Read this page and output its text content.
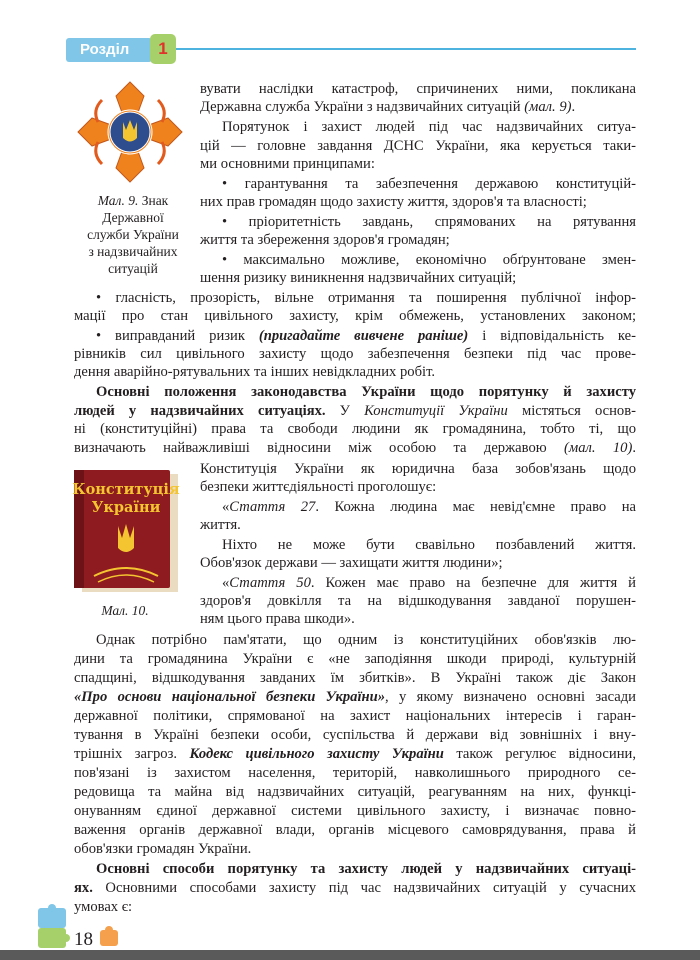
Розділ	1
Мал. 9. Знак
Державної
служби України
з надзвичайних
ситуацій
Конституція
України
Мал. 10.
вувати наслідки катастроф, спричинених ними, покликана
Державна служба України з надзвичайних ситуацій (мал. 9).
Порятунок і захист людей під час надзвичайних ситуа-
цій — головне завдання ДСНС України, яка керується таки-
ми основними принципами:
• гарантування та забезпечення державою конституцій-
них прав громадян щодо захисту життя, здоров'я та власності;
• пріоритетність завдань, спрямованих на рятування
життя та збереження здоров'я громадян;
• максимально можливе, економічно обґрунтоване змен-
шення ризику виникнення надзвичайних ситуацій;
• гласність, прозорість, вільне отримання та поширення публічної інфор-
мації про стан цивільного захисту, крім обмежень, установлених законом;
• виправданий ризик (пригадайте вивчене раніше) і відповідальність ке-
рівників сил цивільного захисту щодо забезпечення безпеки під час прове-
дення аварійно-рятувальних та інших невідкладних робіт.
Основні положення законодавства України щодо порятунку й захисту
людей у надзвичайних ситуаціях. У Конституції України містяться основ-
ні (конституційні) права та свободи людини як громадянина, тобто ті, що
визначають найважливіші відносини між особою та державою (мал. 10).
Конституція України як юридична база зобов'язань щодо
безпеки життєдіяльності проголошує:
«Стаття 27. Кожна людина має невід'ємне право на
життя.
Ніхто не може бути свавільно позбавлений життя.
Обов'язок держави — захищати життя людини»;
«Стаття 50. Кожен має право на безпечне для життя й
здоров'я довкілля та на відшкодування завданої порушен-
ням цього права шкоди».
Однак потрібно пам'ятати, що одним із конституційних обов'язків лю-
дини та громадянина України є «не заподіяння шкоди природі, культурній
спадщині, відшкодування завданих їм збитків». В Україні також діє Закон
«Про основи національної безпеки України», у якому визначено основні засади
державної політики, спрямованої на захист національних інтересів і гаран-
тування в Україні безпеки особи, суспільства й держави від зовнішніх і вну-
трішніх загроз. Кодекс цивільного захисту України також регулює відносини,
пов'язані із захистом населення, територій, навколишнього природного се-
редовища та майна від надзвичайних ситуацій, реагуванням на них, функці-
онуванням єдиної державної системи цивільного захисту, і визначає повно-
важення органів державної влади, органів місцевого самоврядування, права й
обов'язки громадян України.
Основні способи порятунку та захисту людей у надзвичайних ситуаці-
ях. Основними способами захисту під час надзвичайних ситуацій у сучасних
умовах є:
18
